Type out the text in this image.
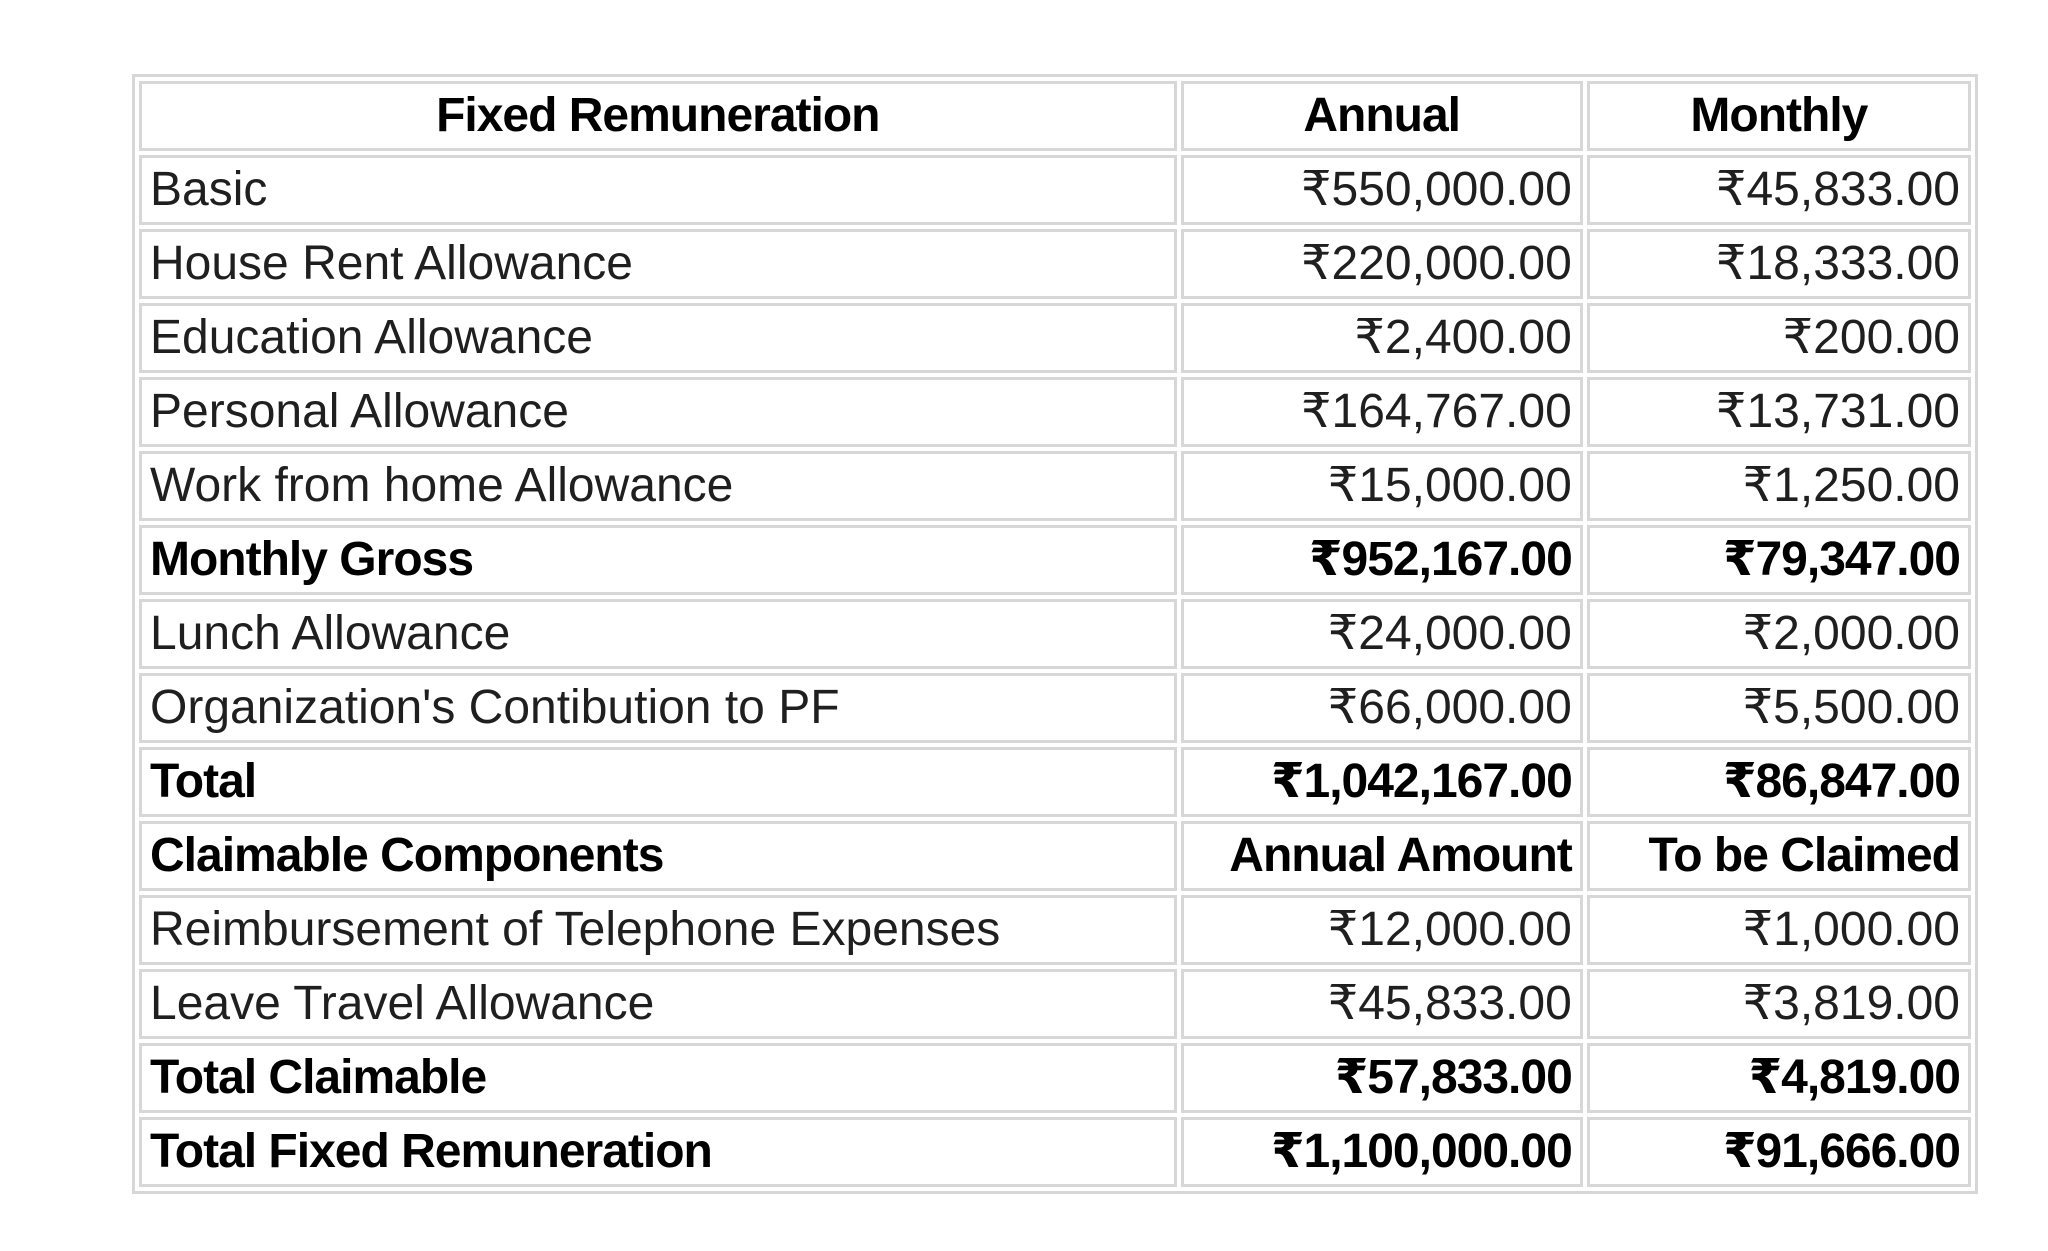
Fixed Remuneration	Annual	Monthly
Basic	₹550,000.00	₹45,833.00
House Rent Allowance	₹220,000.00	₹18,333.00
Education Allowance	₹2,400.00	₹200.00
Personal Allowance	₹164,767.00	₹13,731.00
Work from home Allowance	₹15,000.00	₹1,250.00
Monthly Gross	₹952,167.00	₹79,347.00
Lunch Allowance	₹24,000.00	₹2,000.00
Organization's Contibution to PF	₹66,000.00	₹5,500.00
Total	₹1,042,167.00	₹86,847.00
Claimable Components	Annual Amount	To be Claimed
Reimbursement of Telephone Expenses	₹12,000.00	₹1,000.00
Leave Travel Allowance	₹45,833.00	₹3,819.00
Total Claimable	₹57,833.00	₹4,819.00
Total Fixed Remuneration	₹1,100,000.00	₹91,666.00
